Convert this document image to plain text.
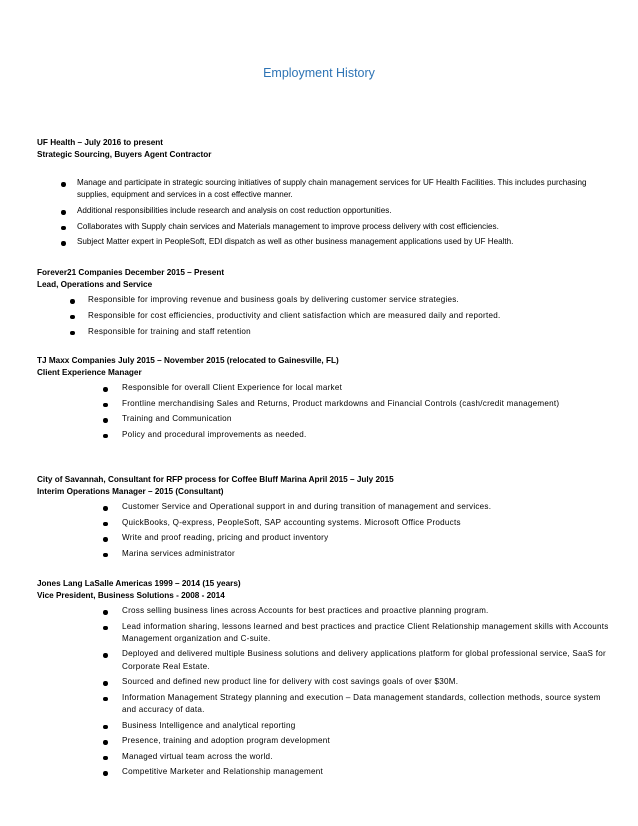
Employment History

UF Health – July 2016 to present

Strategic Sourcing, Buyers Agent Contractor

Manage and participate in strategic sourcing initiatives of supply chain management services for UF Health Facilities. This includes purchasing supplies, equipment and services in a cost effective manner.
Additional responsibilities include research and analysis on cost reduction opportunities.
Collaborates with Supply chain services and Materials management to improve process delivery with cost efficiencies.
Subject Matter expert in PeopleSoft, EDI dispatch as well as other business management applications used by UF Health.

Forever21 Companies December 2015 – Present

Lead, Operations and Service

Responsible for improving revenue and business goals by delivering customer service strategies.
Responsible for cost efficiencies, productivity and client satisfaction which are measured daily and reported.
Responsible for training and staff retention

TJ Maxx Companies July 2015 – November 2015 (relocated to Gainesville, FL)

Client Experience Manager

Responsible for overall Client Experience for local market
Frontline merchandising Sales and Returns, Product markdowns and Financial Controls (cash/credit management)
Training and Communication
Policy and procedural improvements as needed.

City of Savannah, Consultant for RFP process for Coffee Bluff Marina April 2015 – July 2015

Interim Operations Manager – 2015 (Consultant)

Customer Service and Operational support in and during transition of management and services.
QuickBooks, Q-express, PeopleSoft, SAP accounting systems. Microsoft Office Products
Write and proof reading, pricing and product inventory
Marina services administrator

Jones Lang LaSalle Americas 1999 – 2014 (15 years)

Vice President, Business Solutions - 2008 - 2014

Cross selling business lines across Accounts for best practices and proactive planning program.
Lead information sharing, lessons learned and best practices and practice Client Relationship management skills with Accounts Management organization and C-suite.
Deployed and delivered multiple Business solutions and delivery applications platform for global professional service, SaaS for Corporate Real Estate.
Sourced and defined new product line for delivery with cost savings goals of over $30M.
Information Management Strategy planning and execution – Data management standards, collection methods, source system and accuracy of data.
Business Intelligence and analytical reporting
Presence, training and adoption program development
Managed virtual team across the world.
Competitive Marketer and Relationship management
